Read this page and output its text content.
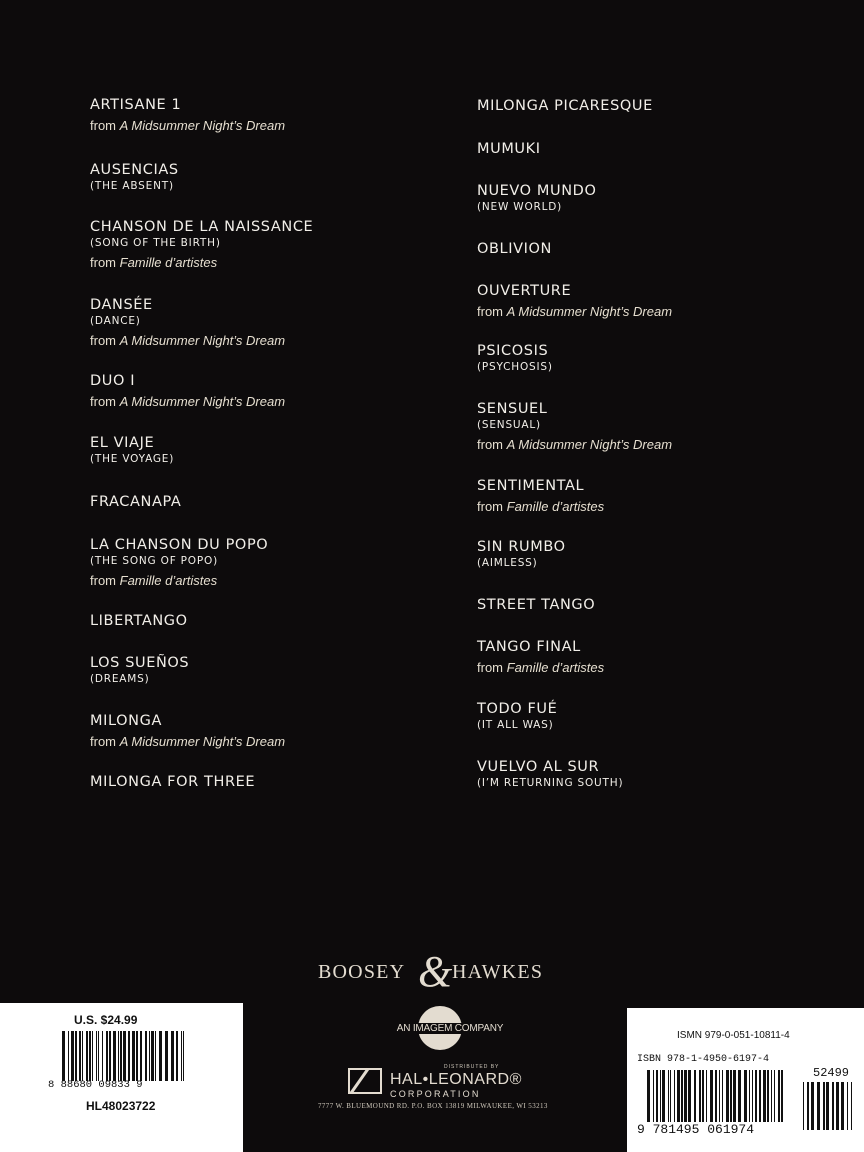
ARTISANE 1
from A Midsummer Night’s Dream
AUSENCIAS
(THE ABSENT)
CHANSON DE LA NAISSANCE
(SONG OF THE BIRTH)
from Famille d’artistes
DANSÉE
(DANCE)
from A Midsummer Night’s Dream
DUO I
from A Midsummer Night’s Dream
EL VIAJE
(THE VOYAGE)
FRACANAPA
LA CHANSON DU POPO
(THE SONG OF POPO)
from Famille d’artistes
LIBERTANGO
LOS SUEÑOS
(DREAMS)
MILONGA
from A Midsummer Night’s Dream
MILONGA FOR THREE
MILONGA PICARESQUE
MUMUKI
NUEVO MUNDO
(NEW WORLD)
OBLIVION
OUVERTURE
from A Midsummer Night’s Dream
PSICOSIS
(PSYCHOSIS)
SENSUEL
(SENSUAL)
from A Midsummer Night’s Dream
SENTIMENTAL
from Famille d’artistes
SIN RUMBO
(AIMLESS)
STREET TANGO
TANGO FINAL
from Famille d’artistes
TODO FUÉ
(IT ALL WAS)
VUELVO AL SUR
(I’M RETURNING SOUTH)
BOOSEY & HAWKES
AN IMAGEM COMPANY
DISTRIBUTED BY
HAL•LEONARD®
CORPORATION
7777 W. BLUEMOUND RD. P.O. BOX 13819 MILWAUKEE, WI 53213
U.S. $24.99
8 88680 09833 9
HL48023722
ISMN 979-0-051-10811-4
ISBN 978-1-4950-6197-4
52499
9 781495 061974
